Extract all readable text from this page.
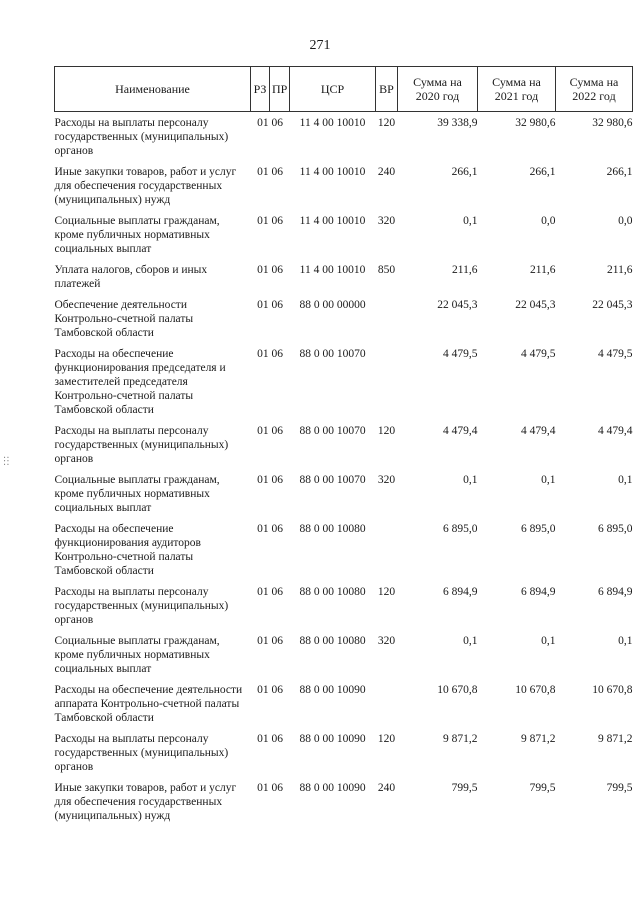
271
:::
Наименование	РЗ	ПР	ЦСР	ВР	Сумма на 2020 год	Сумма на 2021 год	Сумма на 2022 год
Расходы на выплаты персоналу государственных (муниципальных) органов	01 06		11 4 00 10010	120	39 338,9	32 980,6	32 980,6
Иные закупки товаров, работ и услуг для обеспечения государственных (муниципальных) нужд	01 06		11 4 00 10010	240	266,1	266,1	266,1
Социальные выплаты гражданам, кроме публичных нормативных социальных выплат	01 06		11 4 00 10010	320	0,1	0,0	0,0
Уплата налогов, сборов и иных платежей	01 06		11 4 00 10010	850	211,6	211,6	211,6
Обеспечение деятельности Контрольно-счетной палаты Тамбовской области	01 06		88 0 00 00000		22 045,3	22 045,3	22 045,3
Расходы на обеспечение функционирования председателя и заместителей председателя Контрольно-счетной палаты Тамбовской области	01 06		88 0 00 10070		4 479,5	4 479,5	4 479,5
Расходы на выплаты персоналу государственных (муниципальных) органов	01 06		88 0 00 10070	120	4 479,4	4 479,4	4 479,4
Социальные выплаты гражданам, кроме публичных нормативных социальных выплат	01 06		88 0 00 10070	320	0,1	0,1	0,1
Расходы на обеспечение функционирования аудиторов Контрольно-счетной палаты Тамбовской области	01 06		88 0 00 10080		6 895,0	6 895,0	6 895,0
Расходы на выплаты персоналу государственных (муниципальных) органов	01 06		88 0 00 10080	120	6 894,9	6 894,9	6 894,9
Социальные выплаты гражданам, кроме публичных нормативных социальных выплат	01 06		88 0 00 10080	320	0,1	0,1	0,1
Расходы на обеспечение деятельности аппарата Контрольно-счетной палаты Тамбовской области	01 06		88 0 00 10090		10 670,8	10 670,8	10 670,8
Расходы на выплаты персоналу государственных (муниципальных) органов	01 06		88 0 00 10090	120	9 871,2	9 871,2	9 871,2
Иные закупки товаров, работ и услуг для обеспечения государственных (муниципальных) нужд	01 06		88 0 00 10090	240	799,5	799,5	799,5
